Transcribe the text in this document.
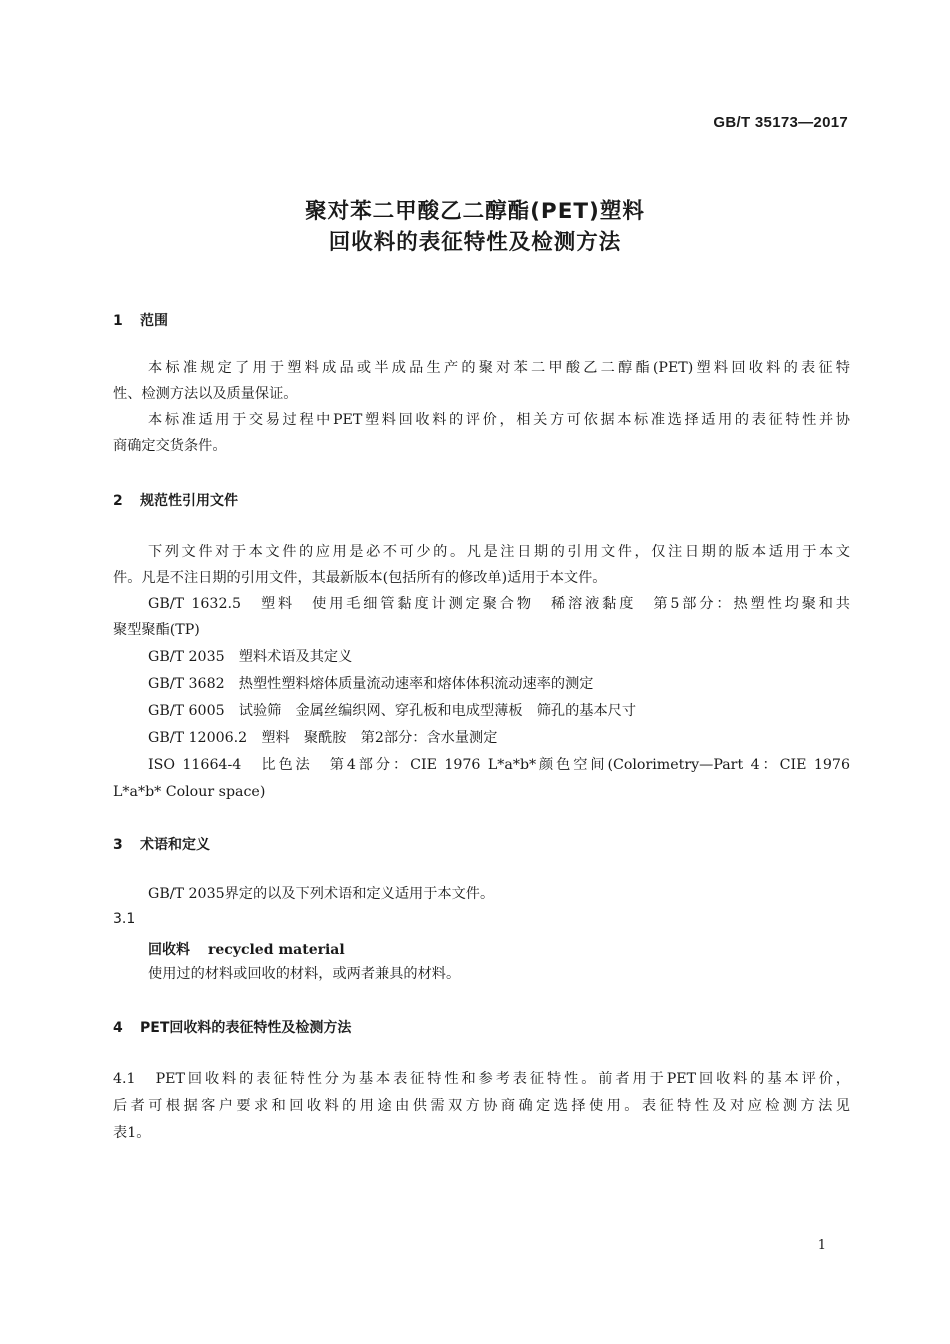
GB/T 35173—2017
聚对苯二甲酸乙二醇酯(PET)塑料
回收料的表征特性及检测方法
1 范围
本标准规定了用于塑料成品或半成品生产的聚对苯二甲酸乙二醇酯(PET)塑料回收料的表征特
性、检测方法以及质量保证。
本标准适用于交易过程中PET塑料回收料的评价，相关方可依据本标准选择适用的表征特性并协
商确定交货条件。
2 规范性引用文件
下列文件对于本文件的应用是必不可少的。凡是注日期的引用文件，仅注日期的版本适用于本文
件。凡是不注日期的引用文件，其最新版本(包括所有的修改单)适用于本文件。
GB/T 1632.5　塑料　使用毛细管黏度计测定聚合物　稀溶液黏度　第5部分：热塑性均聚和共
聚型聚酯(TP)
GB/T 2035　塑料术语及其定义
GB/T 3682　热塑性塑料熔体质量流动速率和熔体体积流动速率的测定
GB/T 6005　试验筛　金属丝编织网、穿孔板和电成型薄板　筛孔的基本尺寸
GB/T 12006.2　塑料　聚酰胺　第2部分：含水量测定
ISO 11664-4　比色法　第4部分：CIE 1976 L*a*b*颜色空间(Colorimetry—Part 4：CIE 1976
L*a*b* Colour space)
3 术语和定义
GB/T 2035界定的以及下列术语和定义适用于本文件。
3.1
回收料 recycled material
使用过的材料或回收的材料，或两者兼具的材料。
4 PET回收料的表征特性及检测方法
4.1　PET回收料的表征特性分为基本表征特性和参考表征特性。前者用于PET回收料的基本评价，
后者可根据客户要求和回收料的用途由供需双方协商确定选择使用。表征特性及对应检测方法见
表1。
1
